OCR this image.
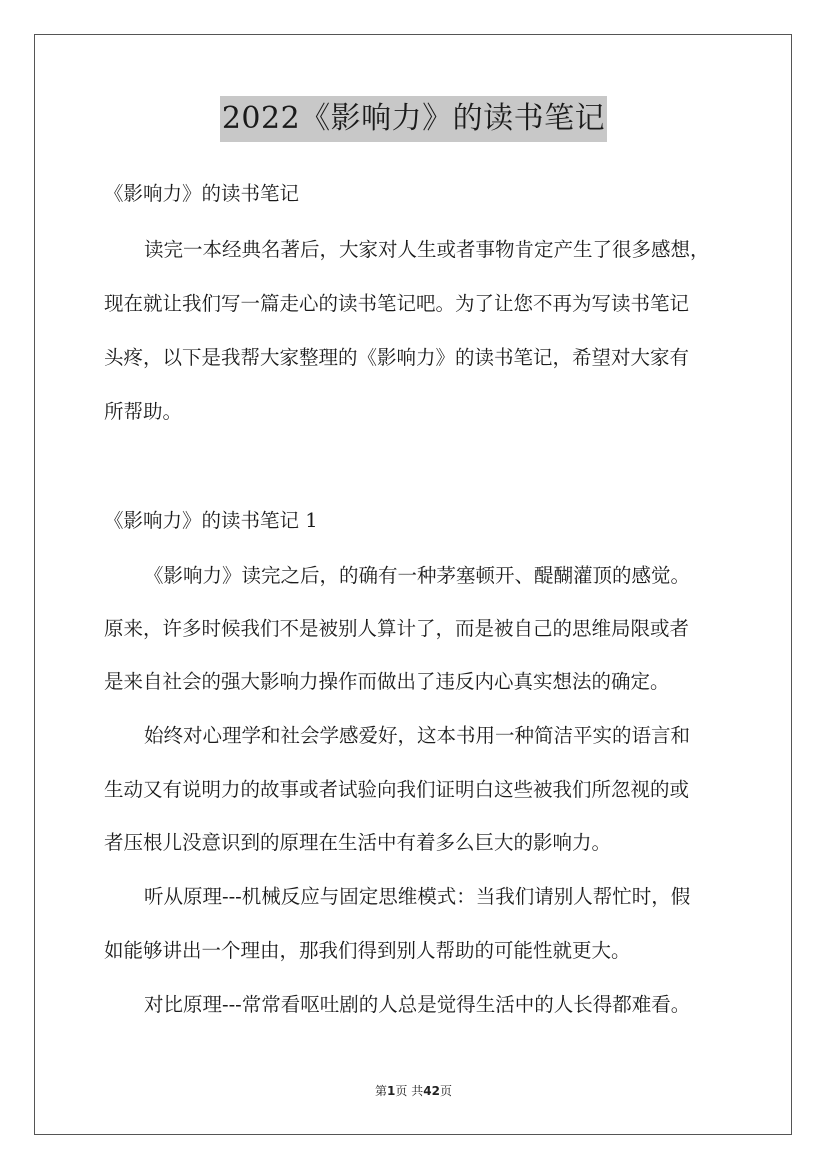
2022《影响力》的读书笔记
《影响力》的读书笔记
读完一本经典名著后，大家对人生或者事物肯定产生了很多感想，
现在就让我们写一篇走心的读书笔记吧。为了让您不再为写读书笔记
头疼，以下是我帮大家整理的《影响力》的读书笔记，希望对大家有
所帮助。
《影响力》的读书笔记 1
《影响力》读完之后，的确有一种茅塞顿开、醍醐灌顶的感觉。
原来，许多时候我们不是被别人算计了，而是被自己的思维局限或者
是来自社会的强大影响力操作而做出了违反内心真实想法的确定。
始终对心理学和社会学感爱好，这本书用一种简洁平实的语言和
生动又有说明力的故事或者试验向我们证明白这些被我们所忽视的或
者压根儿没意识到的原理在生活中有着多么巨大的影响力。
听从原理---机械反应与固定思维模式：当我们请别人帮忙时，假
如能够讲出一个理由，那我们得到别人帮助的可能性就更大。
对比原理---常常看呕吐剧的人总是觉得生活中的人长得都难看。
第1页 共42页
